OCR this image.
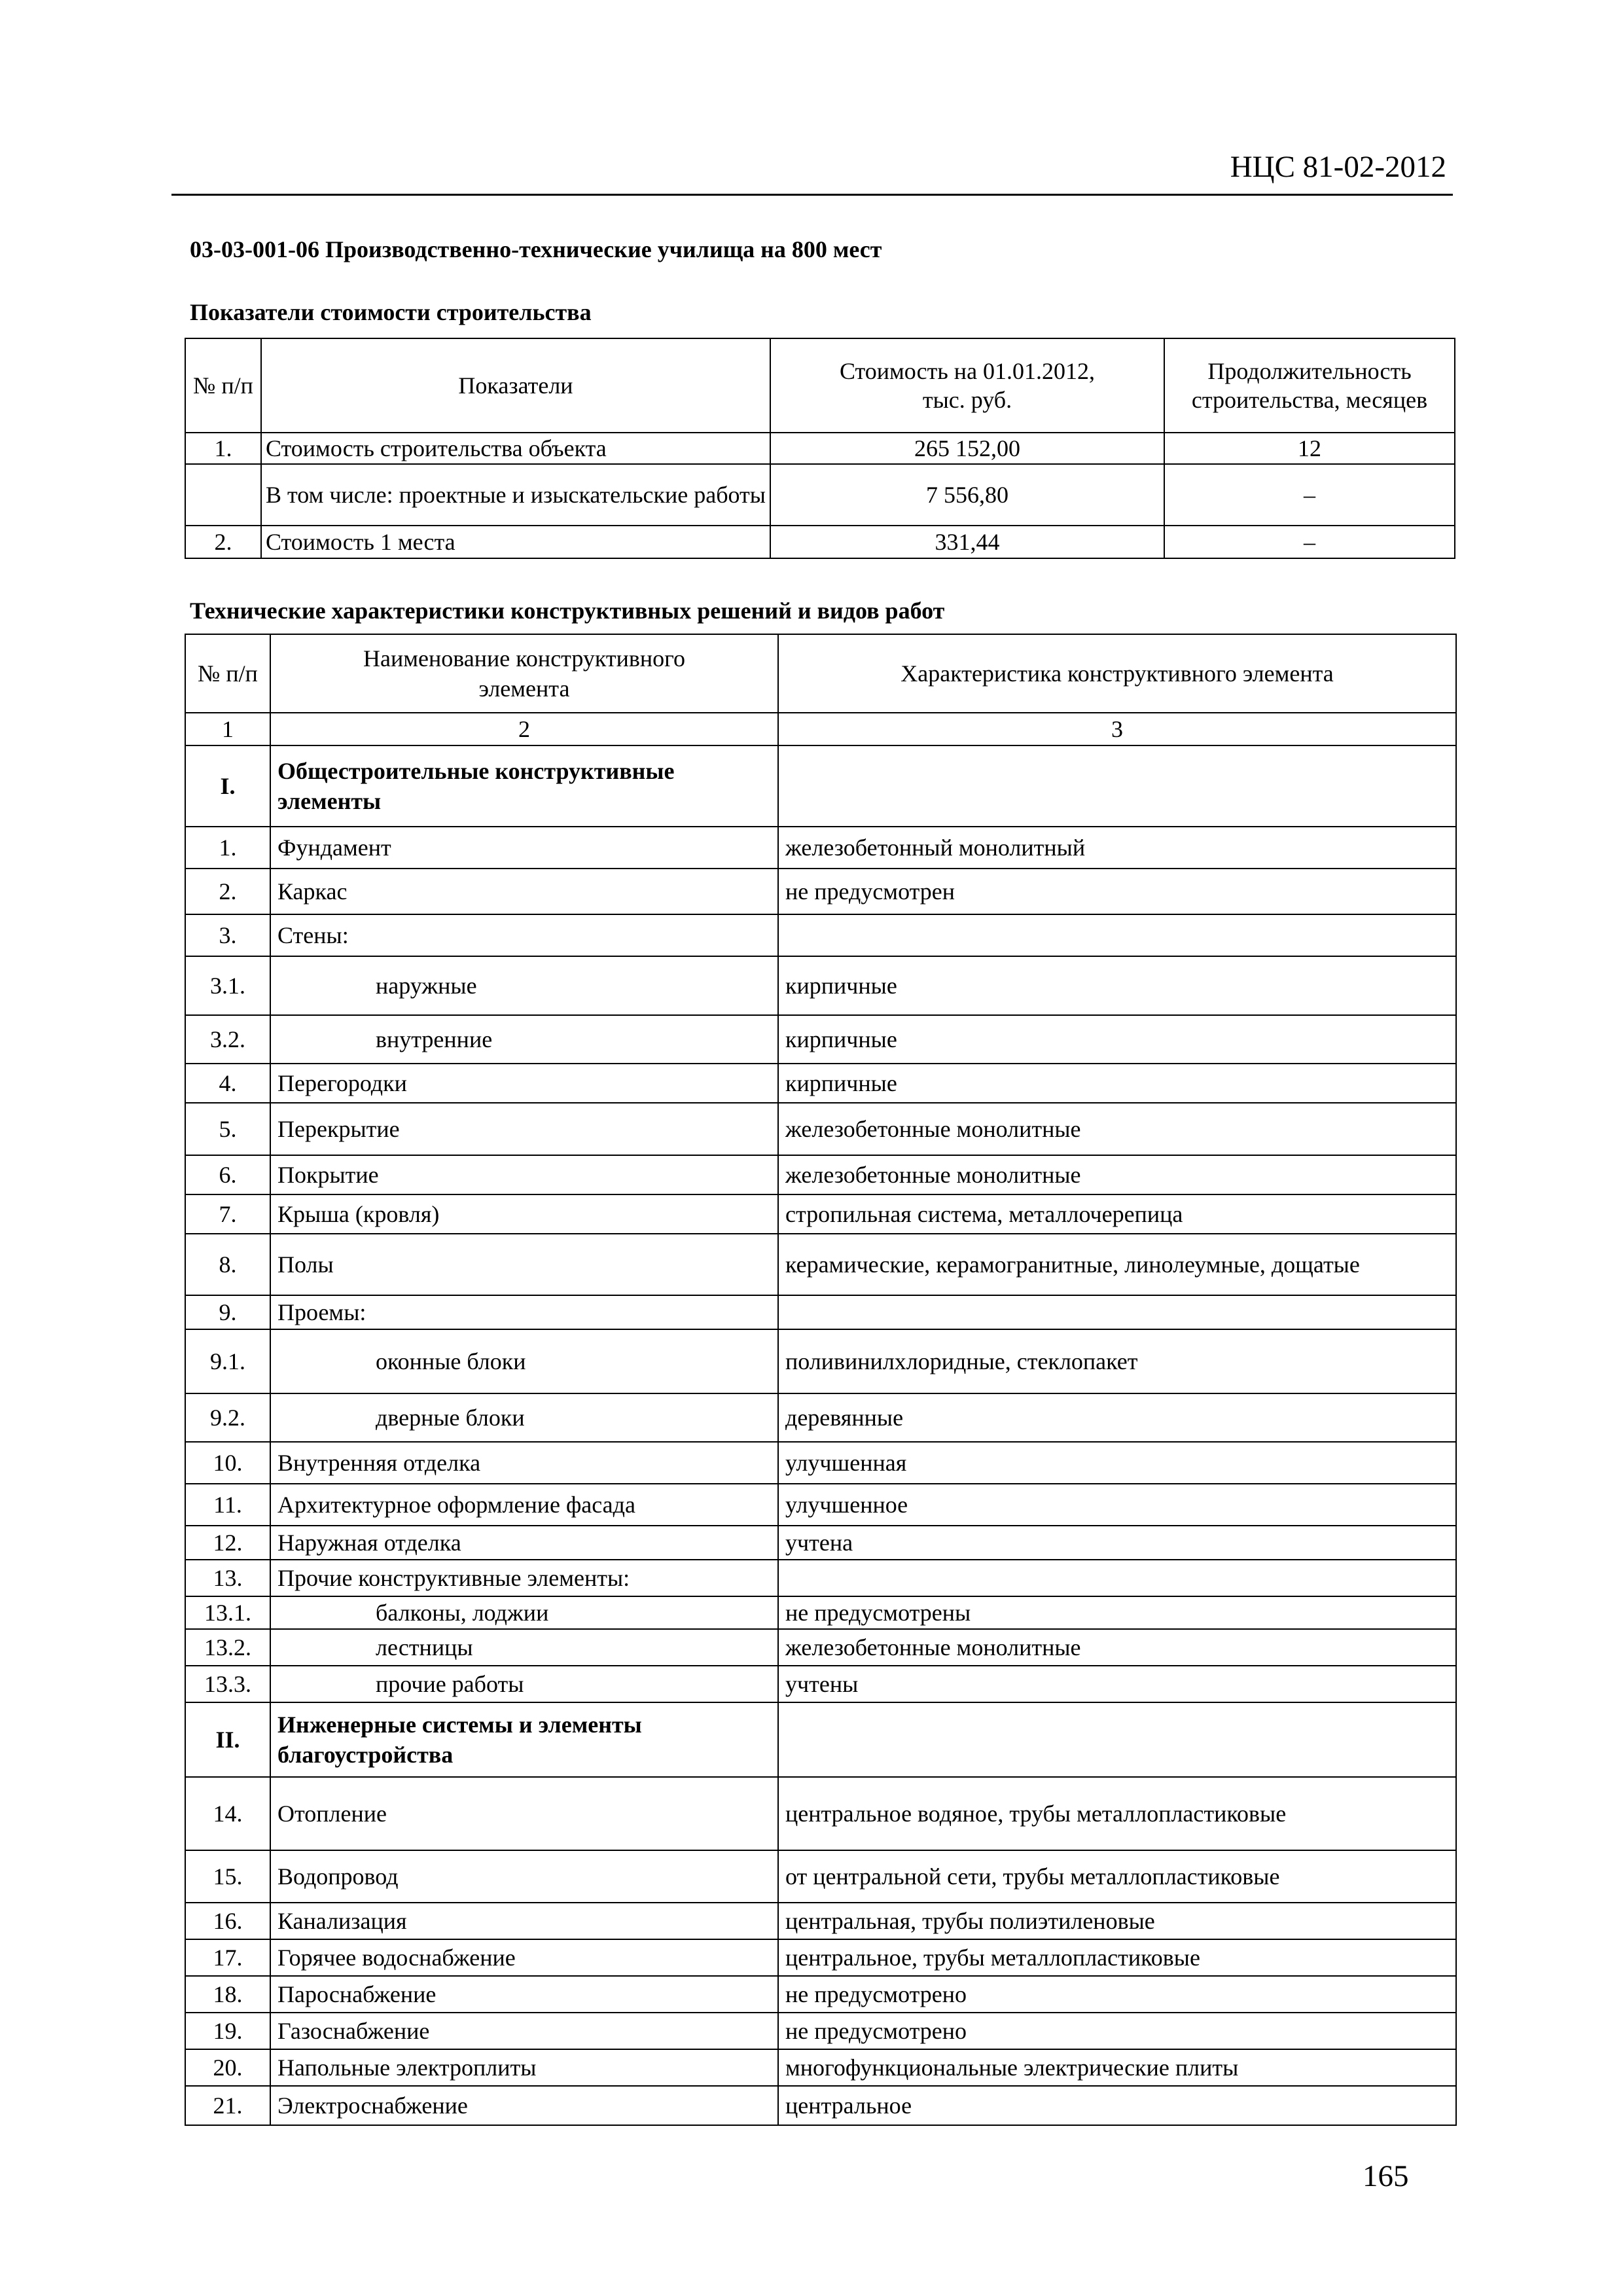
НЦС 81-02-2012
03-03-001-06 Производственно-технические училища на 800 мест
Показатели стоимости строительства
№ п/п	Показатели	Стоимость на 01.01.2012, тыс. руб.	Продолжительность строительства, месяцев
1.	Стоимость строительства объекта	265 152,00	12
	В том числе: проектные и изыскательские работы	7 556,80	–
2.	Стоимость 1 места	331,44	–
Технические характеристики конструктивных решений и видов работ
№ п/п	Наименование конструктивного элемента	Характеристика конструктивного элемента
1	2	3
I.	Общестроительные конструктивные элементы	
1.	Фундамент	железобетонный монолитный
2.	Каркас	не предусмотрен
3.	Стены:	
3.1.	наружные	кирпичные
3.2.	внутренние	кирпичные
4.	Перегородки	кирпичные
5.	Перекрытие	железобетонные монолитные
6.	Покрытие	железобетонные монолитные
7.	Крыша (кровля)	стропильная система, металлочерепица
8.	Полы	керамические, керамогранитные, линолеумные, дощатые
9.	Проемы:	
9.1.	оконные блоки	поливинилхлоридные, стеклопакет
9.2.	дверные блоки	деревянные
10.	Внутренняя отделка	улучшенная
11.	Архитектурное оформление фасада	улучшенное
12.	Наружная отделка	учтена
13.	Прочие конструктивные элементы:	
13.1.	балконы, лоджии	не предусмотрены
13.2.	лестницы	железобетонные монолитные
13.3.	прочие работы	учтены
II.	Инженерные системы и элементы благоустройства	
14.	Отопление	центральное водяное, трубы металлопластиковые
15.	Водопровод	от центральной сети, трубы металлопластиковые
16.	Канализация	центральная, трубы полиэтиленовые
17.	Горячее водоснабжение	центральное, трубы металлопластиковые
18.	Пароснабжение	не предусмотрено
19.	Газоснабжение	не предусмотрено
20.	Напольные электроплиты	многофункциональные электрические плиты
21.	Электроснабжение	центральное
165
